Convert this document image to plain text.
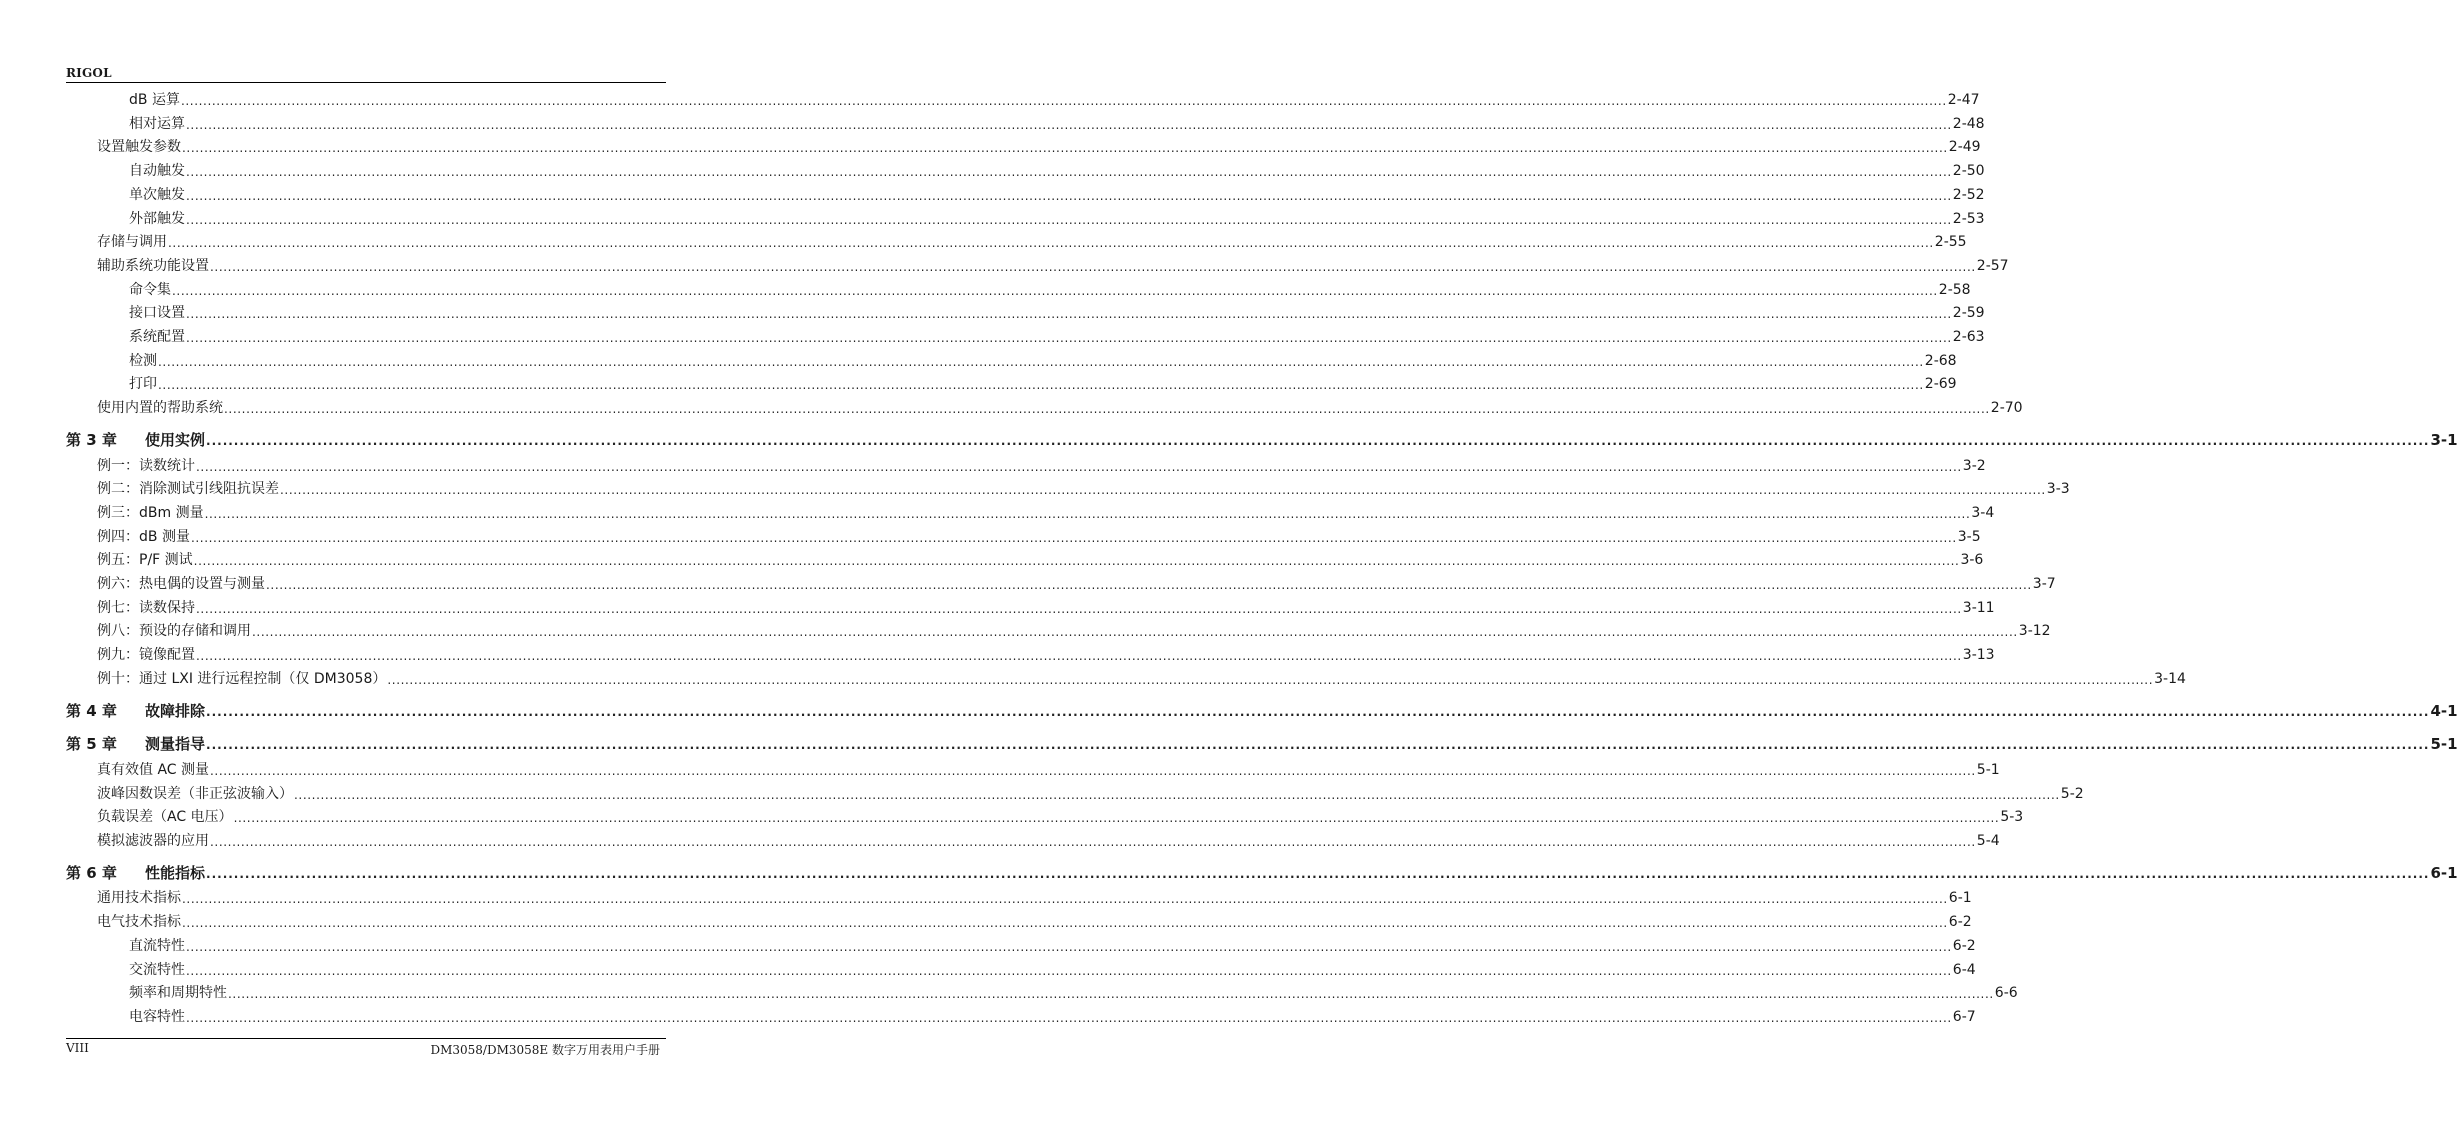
RIGOL
dB 运算 ................................................................................................................................................................................................................................................................................................................................................................................................................ 2-47
相对运算 ................................................................................................................................................................................................................................................................................................................................................................................................................ 2-48
设置触发参数 ................................................................................................................................................................................................................................................................................................................................................................................................................ 2-49
自动触发 ................................................................................................................................................................................................................................................................................................................................................................................................................ 2-50
单次触发 ................................................................................................................................................................................................................................................................................................................................................................................................................ 2-52
外部触发 ................................................................................................................................................................................................................................................................................................................................................................................................................ 2-53
存储与调用 ................................................................................................................................................................................................................................................................................................................................................................................................................ 2-55
辅助系统功能设置 ................................................................................................................................................................................................................................................................................................................................................................................................................ 2-57
命令集 ................................................................................................................................................................................................................................................................................................................................................................................................................ 2-58
接口设置 ................................................................................................................................................................................................................................................................................................................................................................................................................ 2-59
系统配置 ................................................................................................................................................................................................................................................................................................................................................................................................................ 2-63
检测 ................................................................................................................................................................................................................................................................................................................................................................................................................ 2-68
打印 ................................................................................................................................................................................................................................................................................................................................................................................................................ 2-69
使用内置的帮助系统 ................................................................................................................................................................................................................................................................................................................................................................................................................ 2-70
第 3 章 使用实例 ................................................................................................................................................................................................................................................................................................................................................................................................................ 3-1
例一：读数统计 ................................................................................................................................................................................................................................................................................................................................................................................................................ 3-2
例二：消除测试引线阻抗误差 ................................................................................................................................................................................................................................................................................................................................................................................................................ 3-3
例三：dBm 测量 ................................................................................................................................................................................................................................................................................................................................................................................................................ 3-4
例四：dB 测量 ................................................................................................................................................................................................................................................................................................................................................................................................................ 3-5
例五：P/F 测试 ................................................................................................................................................................................................................................................................................................................................................................................................................ 3-6
例六：热电偶的设置与测量 ................................................................................................................................................................................................................................................................................................................................................................................................................ 3-7
例七：读数保持 ................................................................................................................................................................................................................................................................................................................................................................................................................ 3-11
例八：预设的存储和调用 ................................................................................................................................................................................................................................................................................................................................................................................................................ 3-12
例九：镜像配置 ................................................................................................................................................................................................................................................................................................................................................................................................................ 3-13
例十：通过 LXI 进行远程控制（仅 DM3058） ................................................................................................................................................................................................................................................................................................................................................................................................................ 3-14
第 4 章 故障排除 ................................................................................................................................................................................................................................................................................................................................................................................................................ 4-1
第 5 章 测量指导 ................................................................................................................................................................................................................................................................................................................................................................................................................ 5-1
真有效值 AC 测量 ................................................................................................................................................................................................................................................................................................................................................................................................................ 5-1
波峰因数误差（非正弦波输入） ................................................................................................................................................................................................................................................................................................................................................................................................................ 5-2
负载误差（AC 电压） ................................................................................................................................................................................................................................................................................................................................................................................................................ 5-3
模拟滤波器的应用 ................................................................................................................................................................................................................................................................................................................................................................................................................ 5-4
第 6 章 性能指标 ................................................................................................................................................................................................................................................................................................................................................................................................................ 6-1
通用技术指标 ................................................................................................................................................................................................................................................................................................................................................................................................................ 6-1
电气技术指标 ................................................................................................................................................................................................................................................................................................................................................................................................................ 6-2
直流特性 ................................................................................................................................................................................................................................................................................................................................................................................................................ 6-2
交流特性 ................................................................................................................................................................................................................................................................................................................................................................................................................ 6-4
频率和周期特性 ................................................................................................................................................................................................................................................................................................................................................................................................................ 6-6
电容特性 ................................................................................................................................................................................................................................................................................................................................................................................................................ 6-7
VIII	DM3058/DM3058E 数字万用表用户手册
